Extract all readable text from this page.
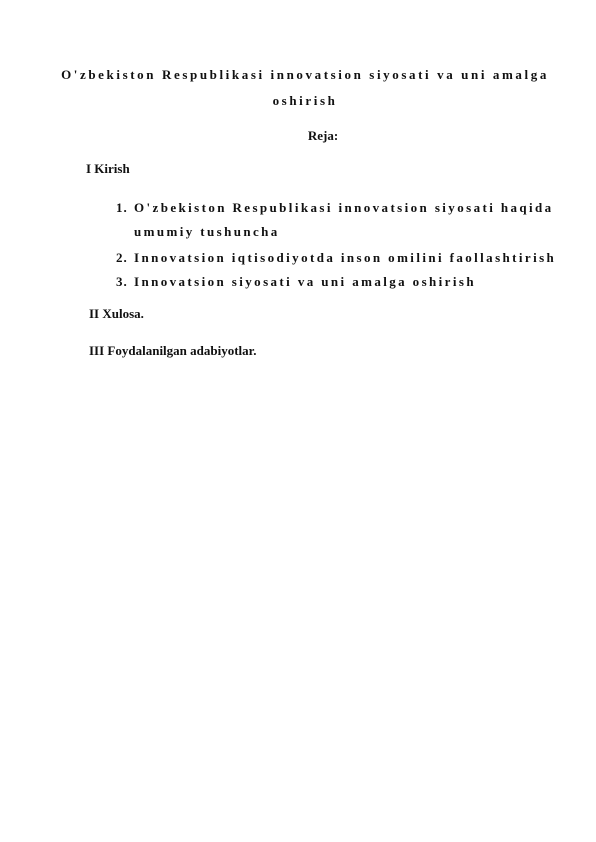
O'zbekiston Respublikasi innovatsion siyosati va uni amalga oshirish
Reja:
I Kirish
1. O'zbekiston Respublikasi innovatsion siyosati haqida
umumiy tushuncha
2. Innovatsion iqtisodiyotda inson omilini faollashtirish
3. Innovatsion siyosati va uni amalga oshirish
II Xulosa.
III Foydalanilgan adabiyotlar.
